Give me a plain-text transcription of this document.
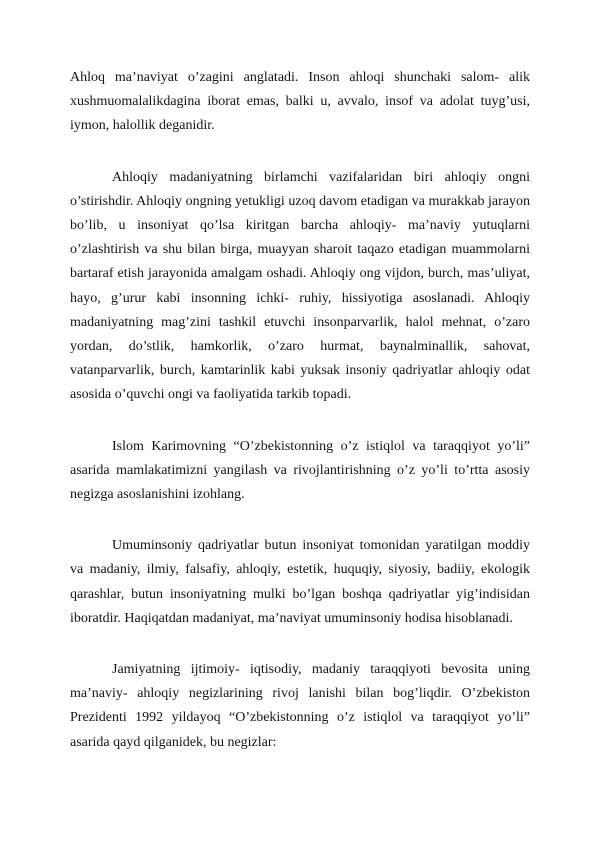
Ahloq ma’naviyat o’zagini anglatadi. Inson ahloqi shunchaki salom- alik xushmuomalalikdagina iborat emas, balki u, avvalo, insof va adolat tuyg’usi, iymon, halollik deganidir.

Ahloqiy madaniyatning birlamchi vazifalaridan biri ahloqiy ongni o’stirishdir. Ahloqiy ongning yetukligi uzoq davom etadigan va murakkab jarayon bo’lib, u insoniyat qo’lsa kiritgan barcha ahloqiy- ma’naviy yutuqlarni o’zlashtirish va shu bilan birga, muayyan sharoit taqazo etadigan muammolarni bartaraf etish jarayonida amalgam oshadi. Ahloqiy ong vijdon, burch, mas’uliyat, hayo, g’urur kabi insonning ichki- ruhiy, hissiyotiga asoslanadi. Ahloqiy madaniyatning mag’zini tashkil etuvchi insonparvarlik, halol mehnat, o’zaro yordan, do’stlik, hamkorlik, o’zaro hurmat, baynalminallik, sahovat, vatanparvarlik, burch, kamtarinlik kabi yuksak insoniy qadriyatlar ahloqiy odat asosida o’quvchi ongi va faoliyatida tarkib topadi.

Islom Karimovning “O’zbekistonning o’z istiqlol va taraqqiyot yo’li” asarida mamlakatimizni yangilash va rivojlantirishning o’z yo’li to’rtta asosiy negizga asoslanishini izohlang.

Umuminsoniy qadriyatlar butun insoniyat tomonidan yaratilgan moddiy va madaniy, ilmiy, falsafiy, ahloqiy, estetik, huquqiy, siyosiy, badiiy, ekologik qarashlar, butun insoniyatning mulki bo’lgan boshqa qadriyatlar yig’indisidan iboratdir. Haqiqatdan madaniyat, ma’naviyat umuminsoniy hodisa hisoblanadi.

Jamiyatning ijtimoiy- iqtisodiy, madaniy taraqqiyoti bevosita uning ma’naviy- ahloqiy negizlarining rivoj lanishi bilan bog’liqdir. O’zbekiston Prezidenti 1992 yildayoq “O’zbekistonning o’z istiqlol va taraqqiyot yo’li” asarida qayd qilganidek, bu negizlar:
